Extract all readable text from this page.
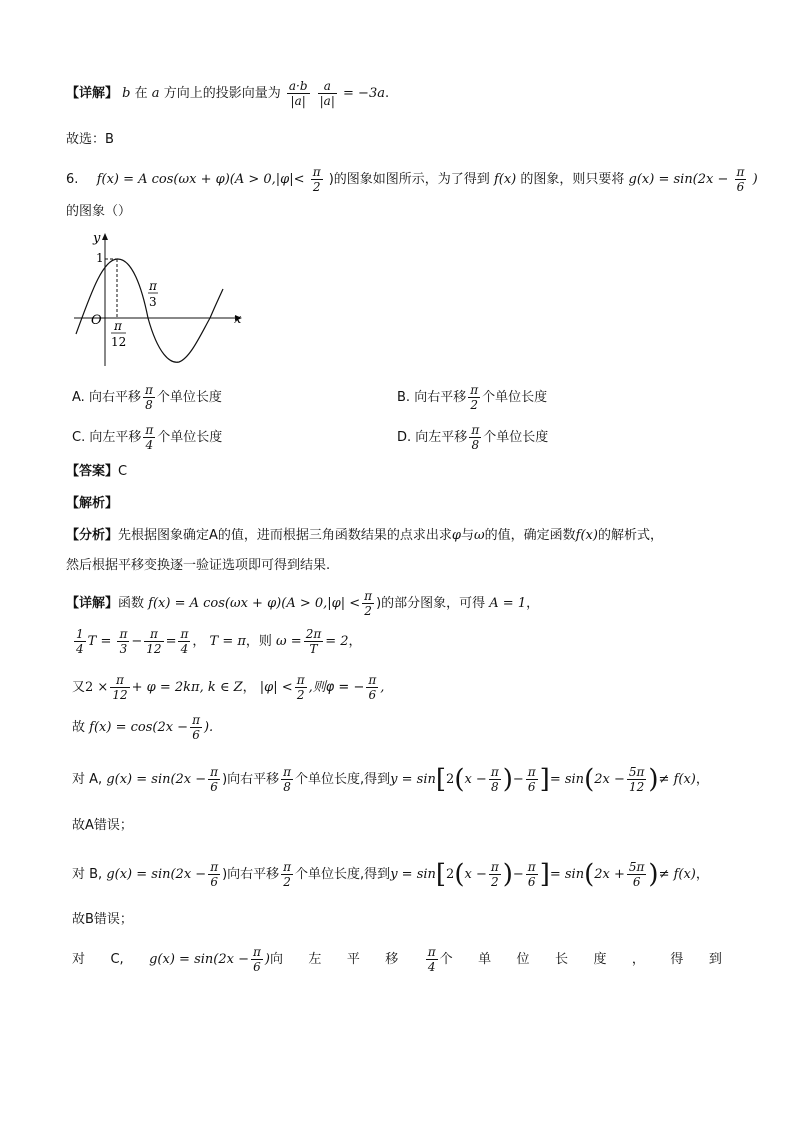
【详解】 b 在 a 方向上的投影向量为 $\frac{a\cdot b}{|a|}$
$\frac{a}{|a|} = -3a$.
故选：B
6. f(x) = A $\cos(\omega x + \varphi)(A > 0,|\varphi|< \frac{\pi}{2}$ )的图象如图所示，为了得到 f(x) 的图象，则只要将 $g(x) = \sin(2x - \frac{\pi}{6}$ )
的图象（）
y
x
O
1
π
3
π
12
A. 向右平移 $\frac{\pi}{8}$ 个单位长度	B. 向右平移 $\frac{\pi}{2}$ 个单位长度
C. 向左平移 $\frac{\pi}{4}$ 个单位长度	D. 向左平移 $\frac{\pi}{8}$ 个单位长度
【答案】C
【解析】
【分析】先根据图象确定A的值，进而根据三角函数结果的点求出求φ与ω的值，确定函数f(x)的解析式，
然后根据平移变换逐一验证选项即可得到结果.
【详解】函数 f(x) = A $\cos(\omega x + \varphi)(A > 0,|\varphi| < \frac{\pi}{2}$ )的部分图象，可得 A = 1，
$\frac{1}{4}$ $T = \frac{\pi}{3} - \frac{\pi}{12} = \frac{\pi}{4}$ ， T = π，则 $\omega = \frac{2\pi}{T} = 2$，
又$2 \times \frac{\pi}{12} + \varphi = 2k\pi$, k ∈ Z， $|\varphi| < \frac{\pi}{2}$ ,则φ = − $\frac{\pi}{6}$ ,
故 $f(x) = \cos(2x - \frac{\pi}{6}$ ).
对 A, $g(x) = \sin(2x - \frac{\pi}{6}$ )向右平移 $\frac{\pi}{8}$ 个单位长度,得到$y = \sin[2(x - \frac{\pi}{8}$ )− $\frac{\pi}{6}$ ]= $\sin(2x - \frac{5\pi}{12}$ )≠ f(x)，
故A错误；
对 B, $g(x) = \sin(2x - \frac{\pi}{6}$ )向右平移 $\frac{\pi}{2}$ 个单位长度,得到$y = \sin[2(x - \frac{\pi}{2}$ )− $\frac{\pi}{6}$ ]= $\sin(2x + \frac{5\pi}{6}$ )≠ f(x)，
故B错误；
对 C, $g(x) = \sin(2x - \frac{\pi}{6}$ )向 左 平 移 $\frac{\pi}{4}$ 个 单 位 长 度 ， 得 到
